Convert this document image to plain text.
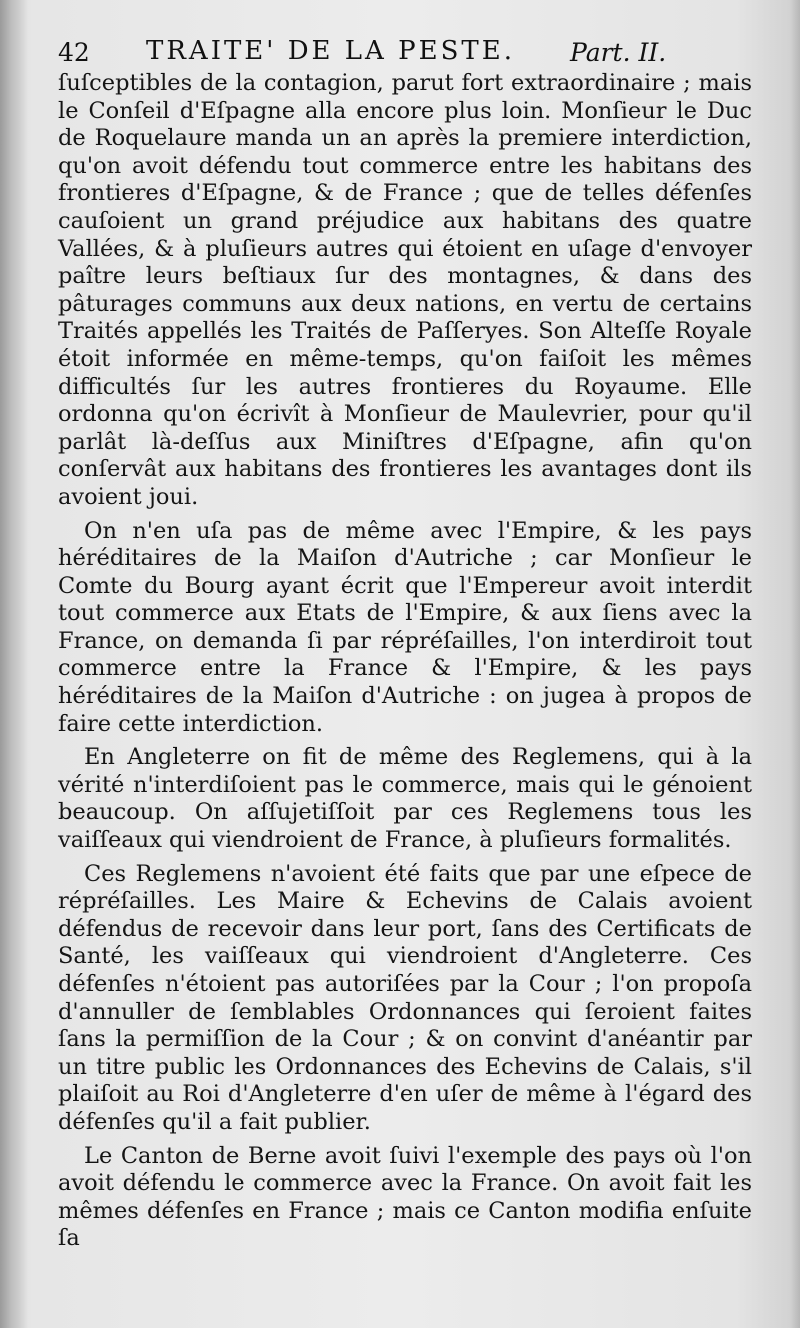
42 TRAITE' DE LA PESTE. Part. II.

ſuſceptibles de la contagion, parut fort extraordinaire ; mais le Conſeil d'Eſpagne alla encore plus loin. Monſieur le Duc de Roquelaure manda un an après la premiere interdiction, qu'on avoit défendu tout commerce entre les habitans des frontieres d'Eſpagne, & de France ; que de telles défenſes cauſoient un grand préjudice aux habitans des quatre Vallées, & à pluſieurs autres qui étoient en uſage d'envoyer paître leurs beſtiaux ſur des montagnes, & dans des pâturages communs aux deux nations, en vertu de certains Traités appellés les Traités de Paſſeryes. Son Alteſſe Royale étoit informée en même-temps, qu'on faiſoit les mêmes difficultés ſur les autres frontieres du Royaume. Elle ordonna qu'on écrivît à Monſieur de Maulevrier, pour qu'il parlât là-deſſus aux Miniſtres d'Eſpagne, afin qu'on conſervât aux habitans des frontieres les avantages dont ils avoient joui.

On n'en uſa pas de même avec l'Empire, & les pays héréditaires de la Maiſon d'Autriche ; car Monſieur le Comte du Bourg ayant écrit que l'Empereur avoit interdit tout commerce aux Etats de l'Empire, & aux ſiens avec la France, on demanda ſi par répréſailles, l'on interdiroit tout commerce entre la France & l'Empire, & les pays héréditaires de la Maiſon d'Autriche : on jugea à propos de faire cette interdiction.

En Angleterre on fit de même des Reglemens, qui à la vérité n'interdiſoient pas le commerce, mais qui le génoient beaucoup. On aſſujetiſſoit par ces Reglemens tous les vaiſſeaux qui viendroient de France, à pluſieurs formalités.

Ces Reglemens n'avoient été faits que par une eſpece de répréſailles. Les Maire & Echevins de Calais avoient défendus de recevoir dans leur port, ſans des Certificats de Santé, les vaiſſeaux qui viendroient d'Angleterre. Ces défenſes n'étoient pas autoriſées par la Cour ; l'on propoſa d'annuller de ſemblables Ordonnances qui ſeroient faites ſans la permiſſion de la Cour ; & on convint d'anéantir par un titre public les Ordonnances des Echevins de Calais, s'il plaiſoit au Roi d'Angleterre d'en uſer de même à l'égard des défenſes qu'il a fait publier.

Le Canton de Berne avoit ſuivi l'exemple des pays où l'on avoit défendu le commerce avec la France. On avoit fait les mêmes défenſes en France ; mais ce Canton modifia enſuite ſa
